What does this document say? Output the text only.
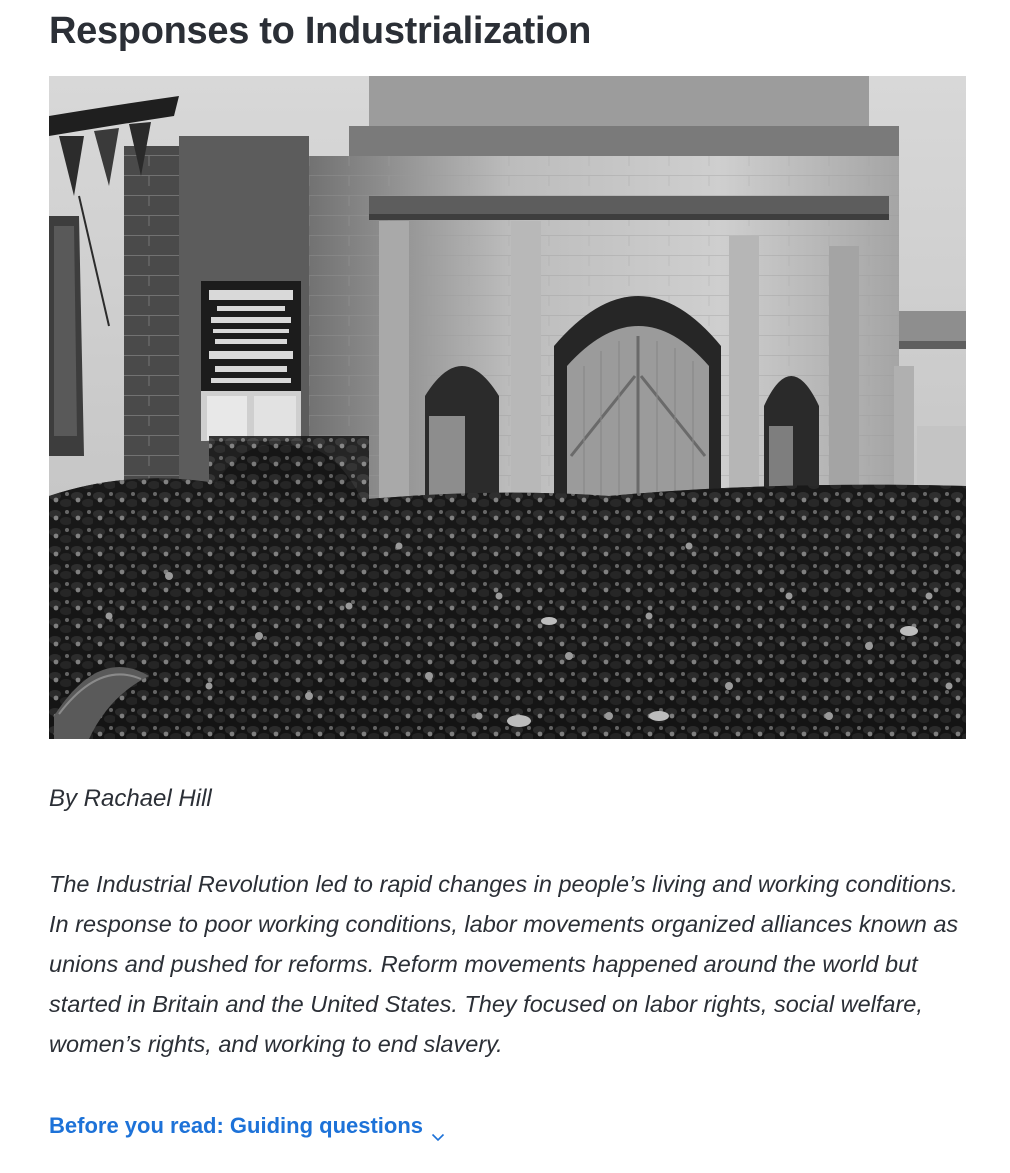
Responses to Industrialization

By Rachael Hill

The Industrial Revolution led to rapid changes in people’s living and working conditions. In response to poor working conditions, labor movements organized alliances known as unions and pushed for reforms. Reform movements happened around the world but started in Britain and the United States. They focused on labor rights, social welfare, women’s rights, and working to end slavery.

Before you read: Guiding questions
